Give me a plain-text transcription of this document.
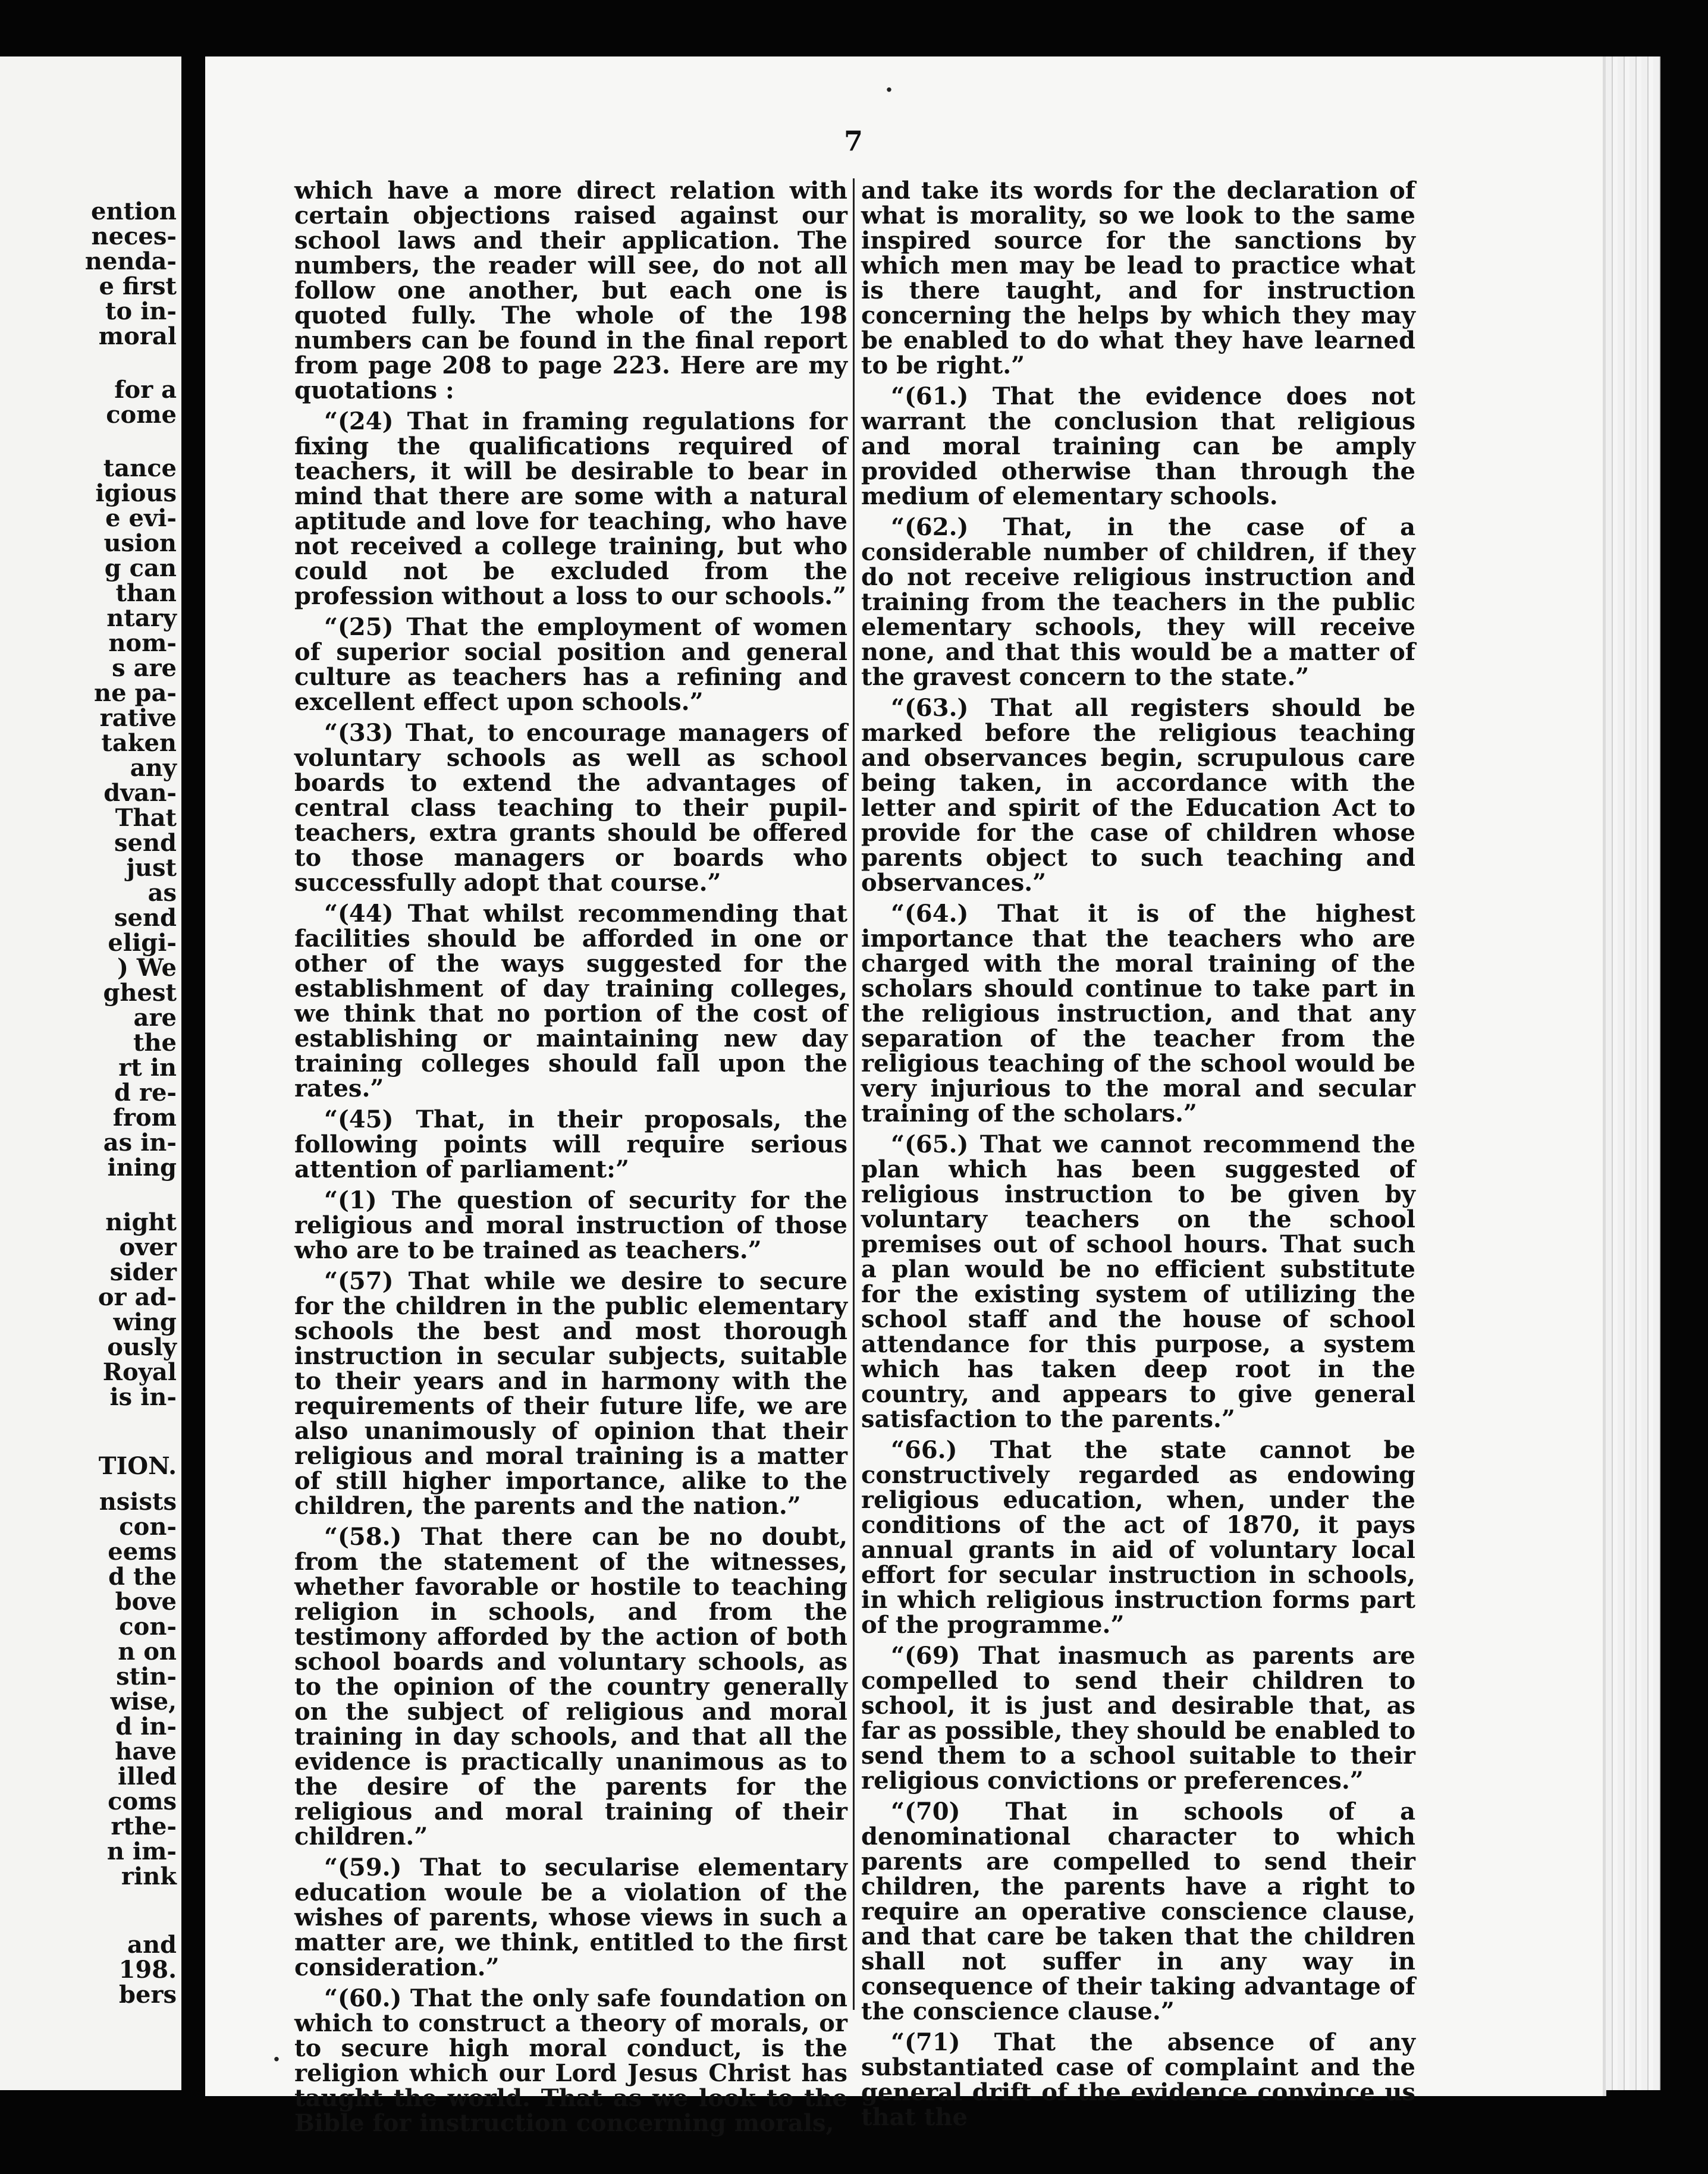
ention
neces-
nenda-
e first
to in-
moral
for a
come
tance
igious
e evi-
usion
g can
than
ntary
nom-
s are
ne pa-
rative
taken
any
dvan-
That
send
just
as
send
eligi-
) We
ghest
are
the
rt in
d re-
from
as in-
ining
night
over
sider
or ad-
wing
ously
Royal
is in-
TION.
nsists
con-
eems
d the
bove
con-
n on
stin-
wise,
d in-
have
illed
coms
rthe-
n im-
rink
and
198.
bers
7

which have a more direct relation with certain objections raised against our school laws and their application. The numbers, the reader will see, do not all follow one another, but each one is quoted fully. The whole of the 198 numbers can be found in the final report from page 208 to page 223. Here are my quotations :

“(24) That in framing regulations for fixing the qualifications required of teachers, it will be desirable to bear in mind that there are some with a natural aptitude and love for teaching, who have not received a college training, but who could not be excluded from the profession without a loss to our schools.”

“(25) That the employment of women of superior social position and general culture as teachers has a refining and excellent effect upon schools.”

“(33) That, to encourage managers of voluntary schools as well as school boards to extend the advantages of central class teaching to their pupil-teachers, extra grants should be offered to those managers or boards who successfully adopt that course.”

“(44) That whilst recommending that facilities should be afforded in one or other of the ways suggested for the establishment of day training colleges, we think that no portion of the cost of establishing or maintaining new day training colleges should fall upon the rates.”

“(45) That, in their proposals, the following points will require serious attention of parliament:”

“(1) The question of security for the religious and moral instruction of those who are to be trained as teachers.”

“(57) That while we desire to secure for the children in the public elementary schools the best and most thorough instruction in secular subjects, suitable to their years and in harmony with the requirements of their future life, we are also unanimously of opinion that their religious and moral training is a matter of still higher importance, alike to the children, the parents and the nation.”

“(58.) That there can be no doubt, from the statement of the witnesses, whether favorable or hostile to teaching religion in schools, and from the testimony afforded by the action of both school boards and voluntary schools, as to the opinion of the country generally on the subject of religious and moral training in day schools, and that all the evidence is practically unanimous as to the desire of the parents for the religious and moral training of their children.”

“(59.) That to secularise elementary education woule be a violation of the wishes of parents, whose views in such a matter are, we think, entitled to the first consideration.”

“(60.) That the only safe foundation on which to construct a theory of morals, or to secure high moral conduct, is the religion which our Lord Jesus Christ has taught the world. That as we look to the Bible for instruction concerning morals,

and take its words for the declaration of what is morality, so we look to the same inspired source for the sanctions by which men may be lead to practice what is there taught, and for instruction concerning the helps by which they may be enabled to do what they have learned to be right.”

“(61.) That the evidence does not warrant the conclusion that religious and moral training can be amply provided otherwise than through the medium of elementary schools.

“(62.) That, in the case of a considerable number of children, if they do not receive religious instruction and training from the teachers in the public elementary schools, they will receive none, and that this would be a matter of the gravest concern to the state.”

“(63.) That all registers should be marked before the religious teaching and observances begin, scrupulous care being taken, in accordance with the letter and spirit of the Education Act to provide for the case of children whose parents object to such teaching and observances.”

“(64.) That it is of the highest importance that the teachers who are charged with the moral training of the scholars should continue to take part in the religious instruction, and that any separation of the teacher from the religious teaching of the school would be very injurious to the moral and secular training of the scholars.”

“(65.) That we cannot recommend the plan which has been suggested of religious instruction to be given by voluntary teachers on the school premises out of school hours. That such a plan would be no efficient substitute for the existing system of utilizing the school staff and the house of school attendance for this purpose, a system which has taken deep root in the country, and appears to give general satisfaction to the parents.”

“66.) That the state cannot be constructively regarded as endowing religious education, when, under the conditions of the act of 1870, it pays annual grants in aid of voluntary local effort for secular instruction in schools, in which religious instruction forms part of the programme.”

“(69) That inasmuch as parents are compelled to send their children to school, it is just and desirable that, as far as possible, they should be enabled to send them to a school suitable to their religious convictions or preferences.”

“(70) That in schools of a denominational character to which parents are compelled to send their children, the parents have a right to require an operative conscience clause, and that care be taken that the children shall not suffer in any way in consequence of their taking advantage of the conscience clause.”

“(71) That the absence of any substantiated case of complaint and the general drift of the evidence convince us that the

·
·
